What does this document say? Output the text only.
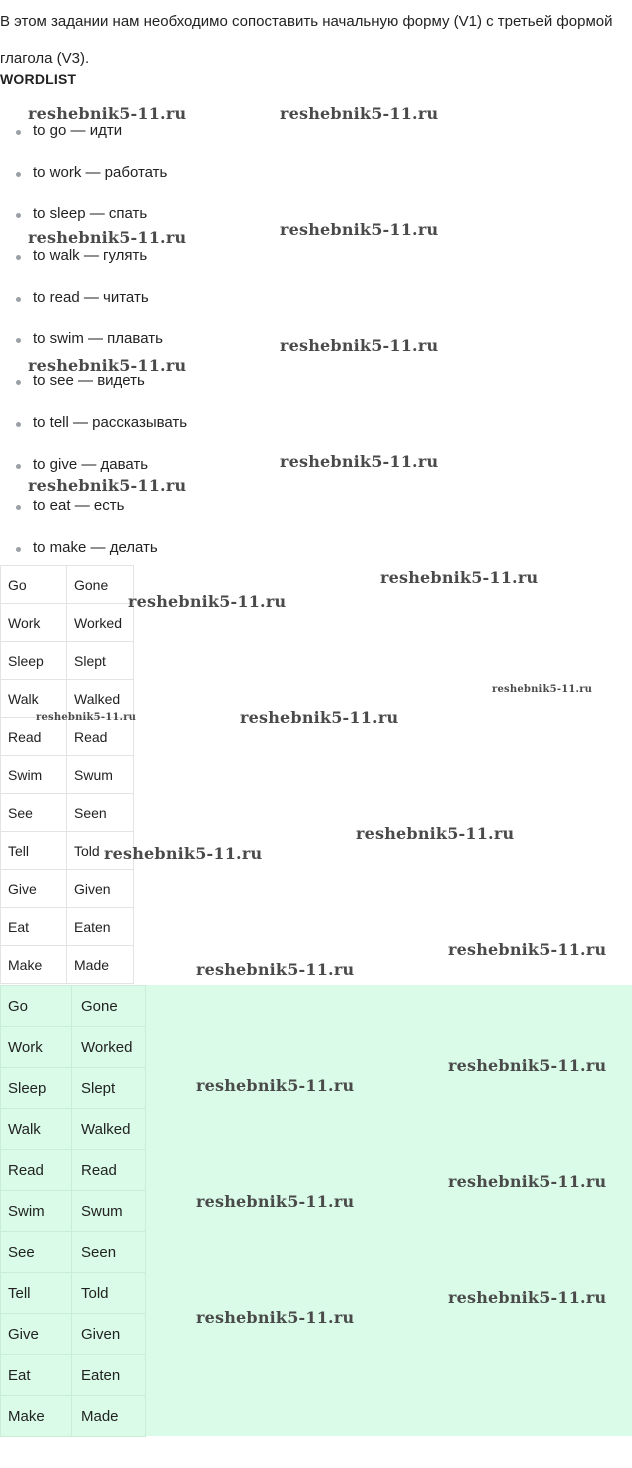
В этом задании нам необходимо сопоставить начальную форму (V1) с третьей формой глагола (V3).

WORDLIST
to go — идти
to work — работать
to sleep — спать
to walk — гулять
to read — читать
to swim — плавать
to see — видеть
to tell — рассказывать
to give — давать
to eat — есть
to make — делать
Go	Gone
Work	Worked
Sleep	Slept
Walk	Walked
Read	Read
Swim	Swum
See	Seen
Tell	Told
Give	Given
Eat	Eaten
Make	Made
Go	Gone
Work	Worked
Sleep	Slept
Walk	Walked
Read	Read
Swim	Swum
See	Seen
Tell	Told
Give	Given
Eat	Eaten
Make	Made
reshebnik5-11.ru	reshebnik5-11.ru
reshebnik5-11.ru	reshebnik5-11.ru
reshebnik5-11.ru
reshebnik5-11.ru
reshebnik5-11.ru
reshebnik5-11.ru
reshebnik5-11.ru
reshebnik5-11.ru
reshebnik5-11.ru
reshebnik5-11.ru	reshebnik5-11.ru
reshebnik5-11.ru
reshebnik5-11.ru
reshebnik5-11.ru
reshebnik5-11.ru
reshebnik5-11.ru
reshebnik5-11.ru
reshebnik5-11.ru
reshebnik5-11.ru
reshebnik5-11.ru
reshebnik5-11.ru
